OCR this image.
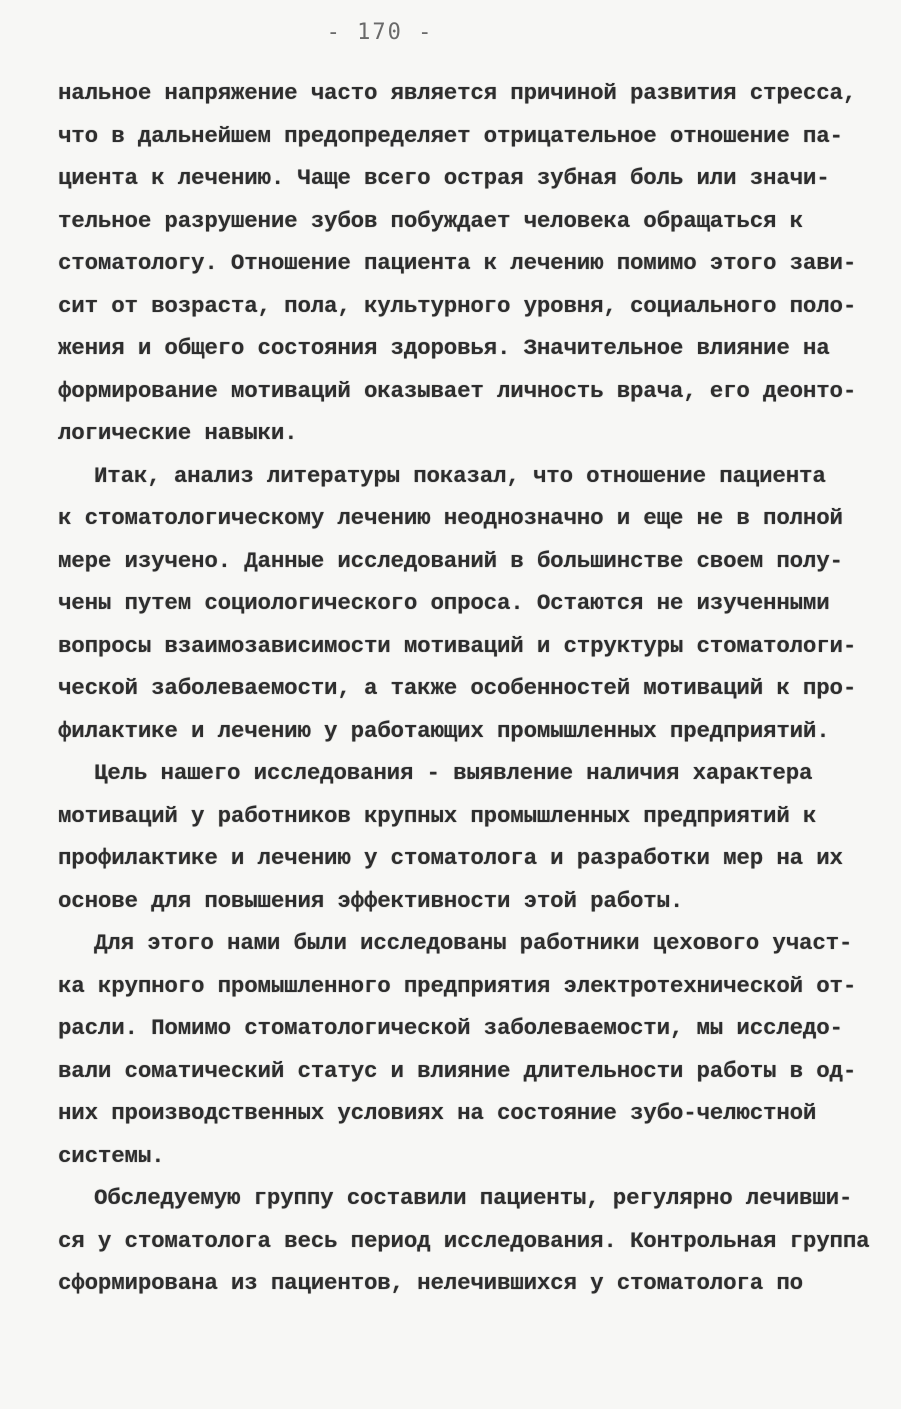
- 170 -
нальное напряжение часто является причиной развития стресса,
что в дальнейшем предопределяет отрицательное отношение па-
циента к лечению. Чаще всего острая зубная боль или значи-
тельное разрушение зубов побуждает человека обращаться к
стоматологу. Отношение пациента к лечению помимо этого зави-
сит от возраста, пола, культурного уровня, социального поло-
жения и общего состояния здоровья. Значительное влияние на
формирование мотиваций оказывает личность врача, его деонто-
логические навыки.
Итак, анализ литературы показал, что отношение пациента
к стоматологическому лечению неоднозначно и еще не в полной
мере изучено. Данные исследований в большинстве своем полу-
чены путем социологического опроса. Остаются не изученными
вопросы взаимозависимости мотиваций и структуры стоматологи-
ческой заболеваемости, а также особенностей мотиваций к про-
филактике и лечению у работающих промышленных предприятий.
Цель нашего исследования - выявление наличия характера
мотиваций у работников крупных промышленных предприятий к
профилактике и лечению у стоматолога и разработки мер на их
основе для повышения эффективности этой работы.
Для этого нами были исследованы работники цехового участ-
ка крупного промышленного предприятия электротехнической от-
расли. Помимо стоматологической заболеваемости, мы исследо-
вали соматический статус и влияние длительности работы в од-
них производственных условиях на состояние зубо-челюстной
системы.
Обследуемую группу составили пациенты, регулярно лечивши-
ся у стоматолога весь период исследования. Контрольная группа
сформирована из пациентов, нелечившихся у стоматолога по
